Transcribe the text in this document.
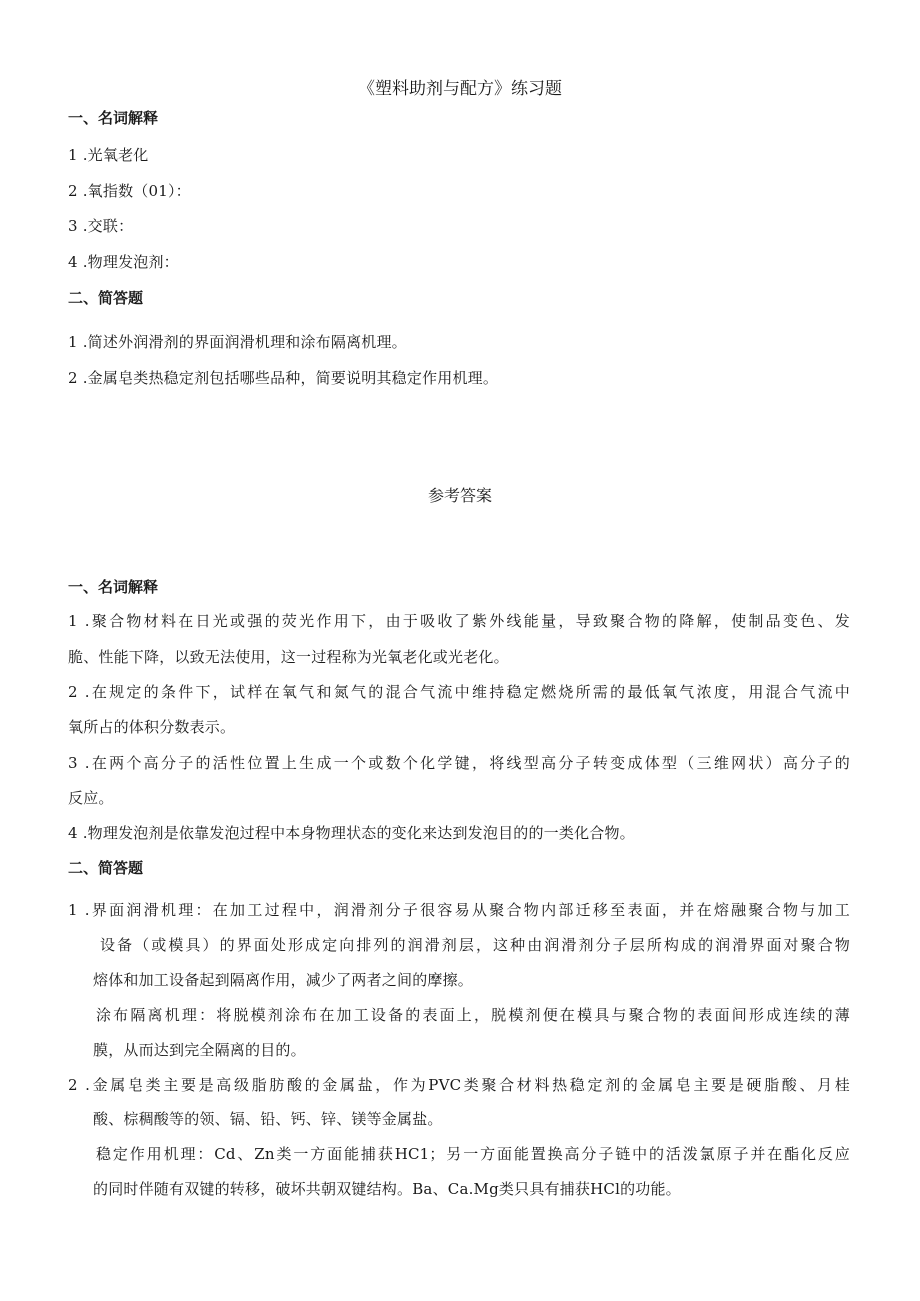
《塑料助剂与配方》练习题
一、名词解释
1 .光氧老化
2 .氧指数（01）：
3 .交联：
4 .物理发泡剂：
二、简答题
1 .简述外润滑剂的界面润滑机理和涂布隔离机理。
2 .金属皂类热稳定剂包括哪些品种，简要说明其稳定作用机理。
参考答案
一、名词解释
1 .聚合物材料在日光或强的荧光作用下，由于吸收了紫外线能量，导致聚合物的降解，使制品变色、发
脆、性能下降，以致无法使用，这一过程称为光氧老化或光老化。
2 .在规定的条件下，试样在氧气和氮气的混合气流中维持稳定燃烧所需的最低氧气浓度，用混合气流中
氧所占的体积分数表示。
3 .在两个高分子的活性位置上生成一个或数个化学键，将线型高分子转变成体型（三维网状）高分子的
反应。
4 .物理发泡剂是依靠发泡过程中本身物理状态的变化来达到发泡目的的一类化合物。
二、简答题
1 .界面润滑机理：在加工过程中，润滑剂分子很容易从聚合物内部迁移至表面，并在熔融聚合物与加工
设备（或模具）的界面处形成定向排列的润滑剂层，这种由润滑剂分子层所构成的润滑界面对聚合物
熔体和加工设备起到隔离作用，减少了两者之间的摩擦。
涂布隔离机理：将脱模剂涂布在加工设备的表面上，脱模剂便在模具与聚合物的表面间形成连续的薄
膜，从而达到完全隔离的目的。
2 .金属皂类主要是高级脂肪酸的金属盐，作为PVC类聚合材料热稳定剂的金属皂主要是硬脂酸、月桂
酸、棕稠酸等的领、镉、铅、钙、锌、镁等金属盐。
稳定作用机理：Cd、Zn类一方面能捕获HC1；另一方面能置换高分子链中的活泼氯原子并在酯化反应
的同时伴随有双键的转移，破坏共朝双键结构。Ba、Ca.Mg类只具有捕获HCl的功能。
